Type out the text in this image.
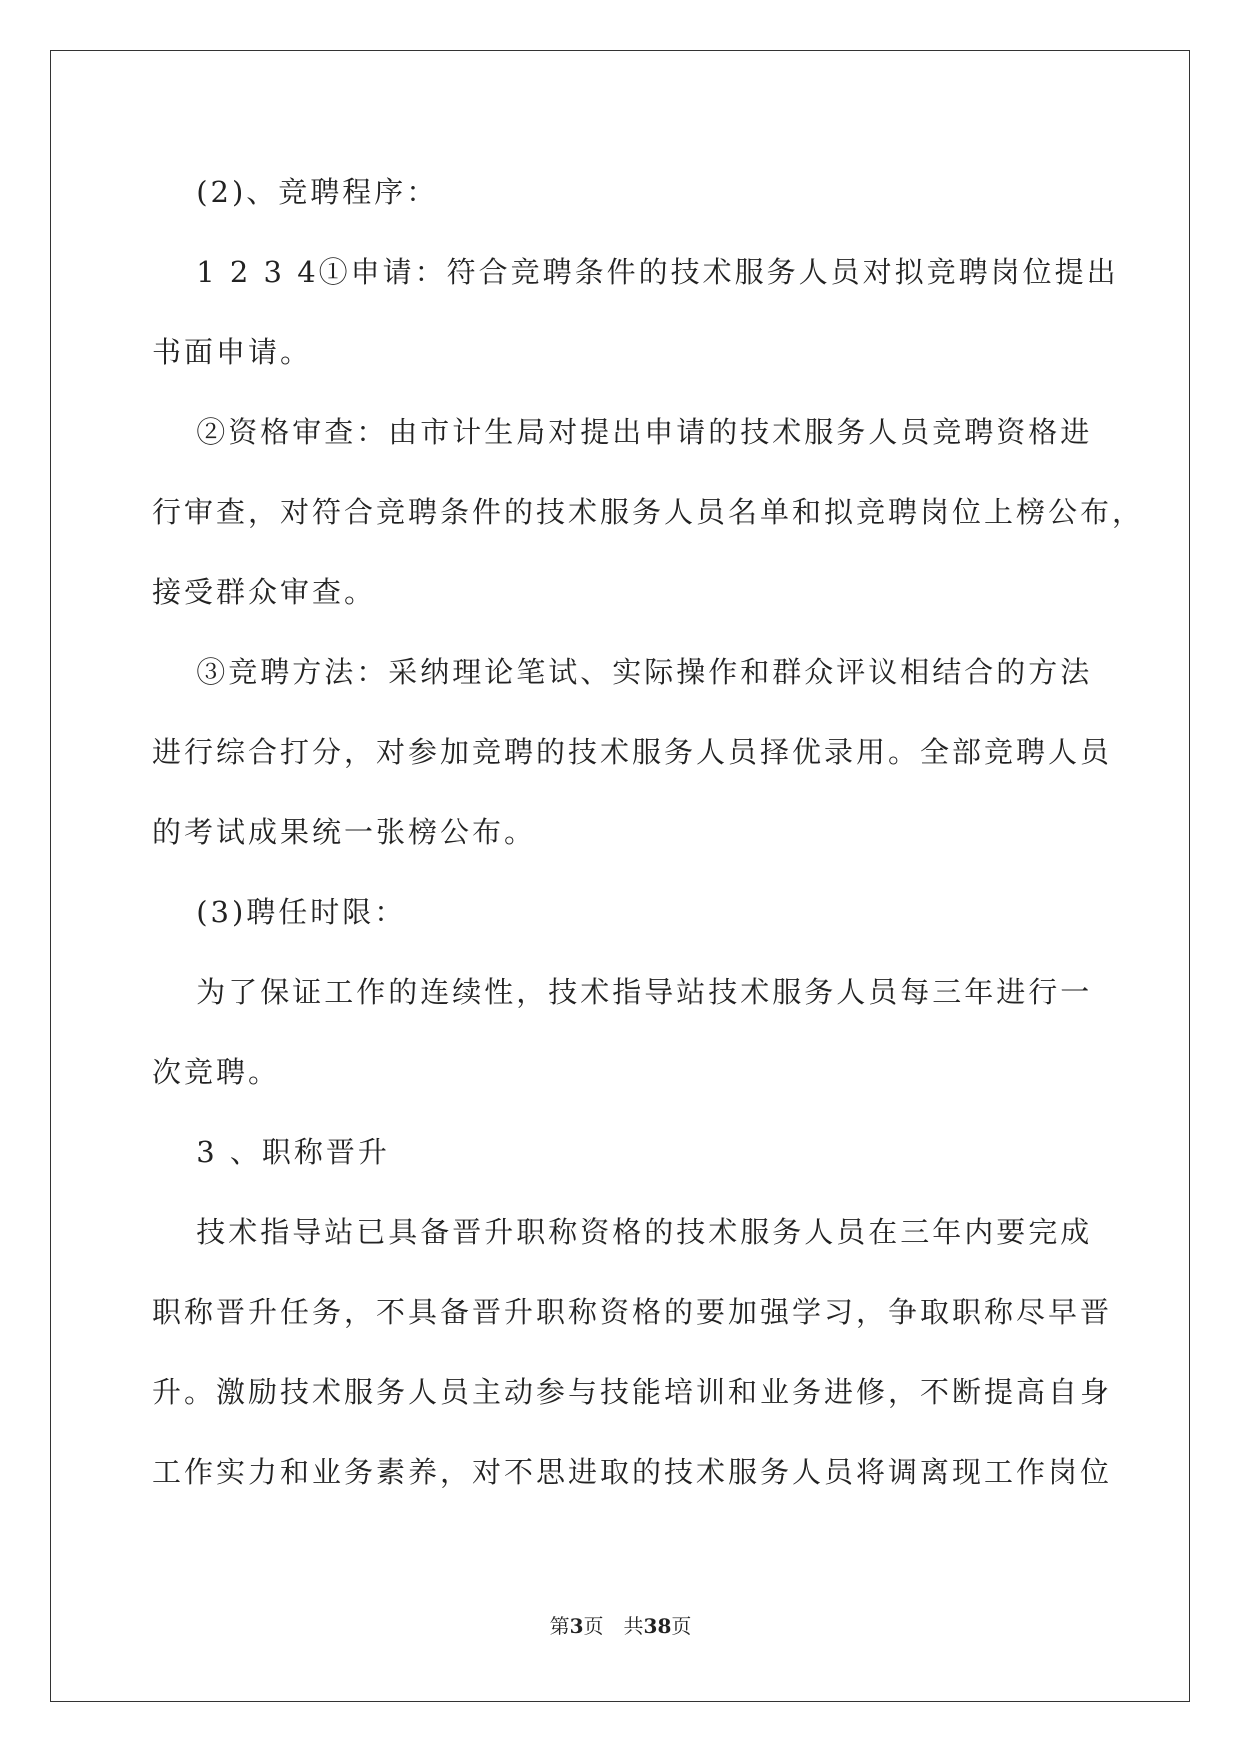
　 (2)、竞聘程序：
　 1 2 3 4①申请：符合竞聘条件的技术服务人员对拟竞聘岗位提出
书面申请。
　 ②资格审查：由市计生局对提出申请的技术服务人员竞聘资格进
行审查，对符合竞聘条件的技术服务人员名单和拟竞聘岗位上榜公布，
接受群众审查。
　 ③竞聘方法：采纳理论笔试、实际操作和群众评议相结合的方法
进行综合打分，对参加竞聘的技术服务人员择优录用。全部竞聘人员
的考试成果统一张榜公布。
　 (3)聘任时限：
　 为了保证工作的连续性，技术指导站技术服务人员每三年进行一
次竞聘。
　 3 、职称晋升
　 技术指导站已具备晋升职称资格的技术服务人员在三年内要完成
职称晋升任务，不具备晋升职称资格的要加强学习，争取职称尽早晋
升。激励技术服务人员主动参与技能培训和业务进修，不断提高自身
工作实力和业务素养，对不思进取的技术服务人员将调离现工作岗位
第3页 共38页
